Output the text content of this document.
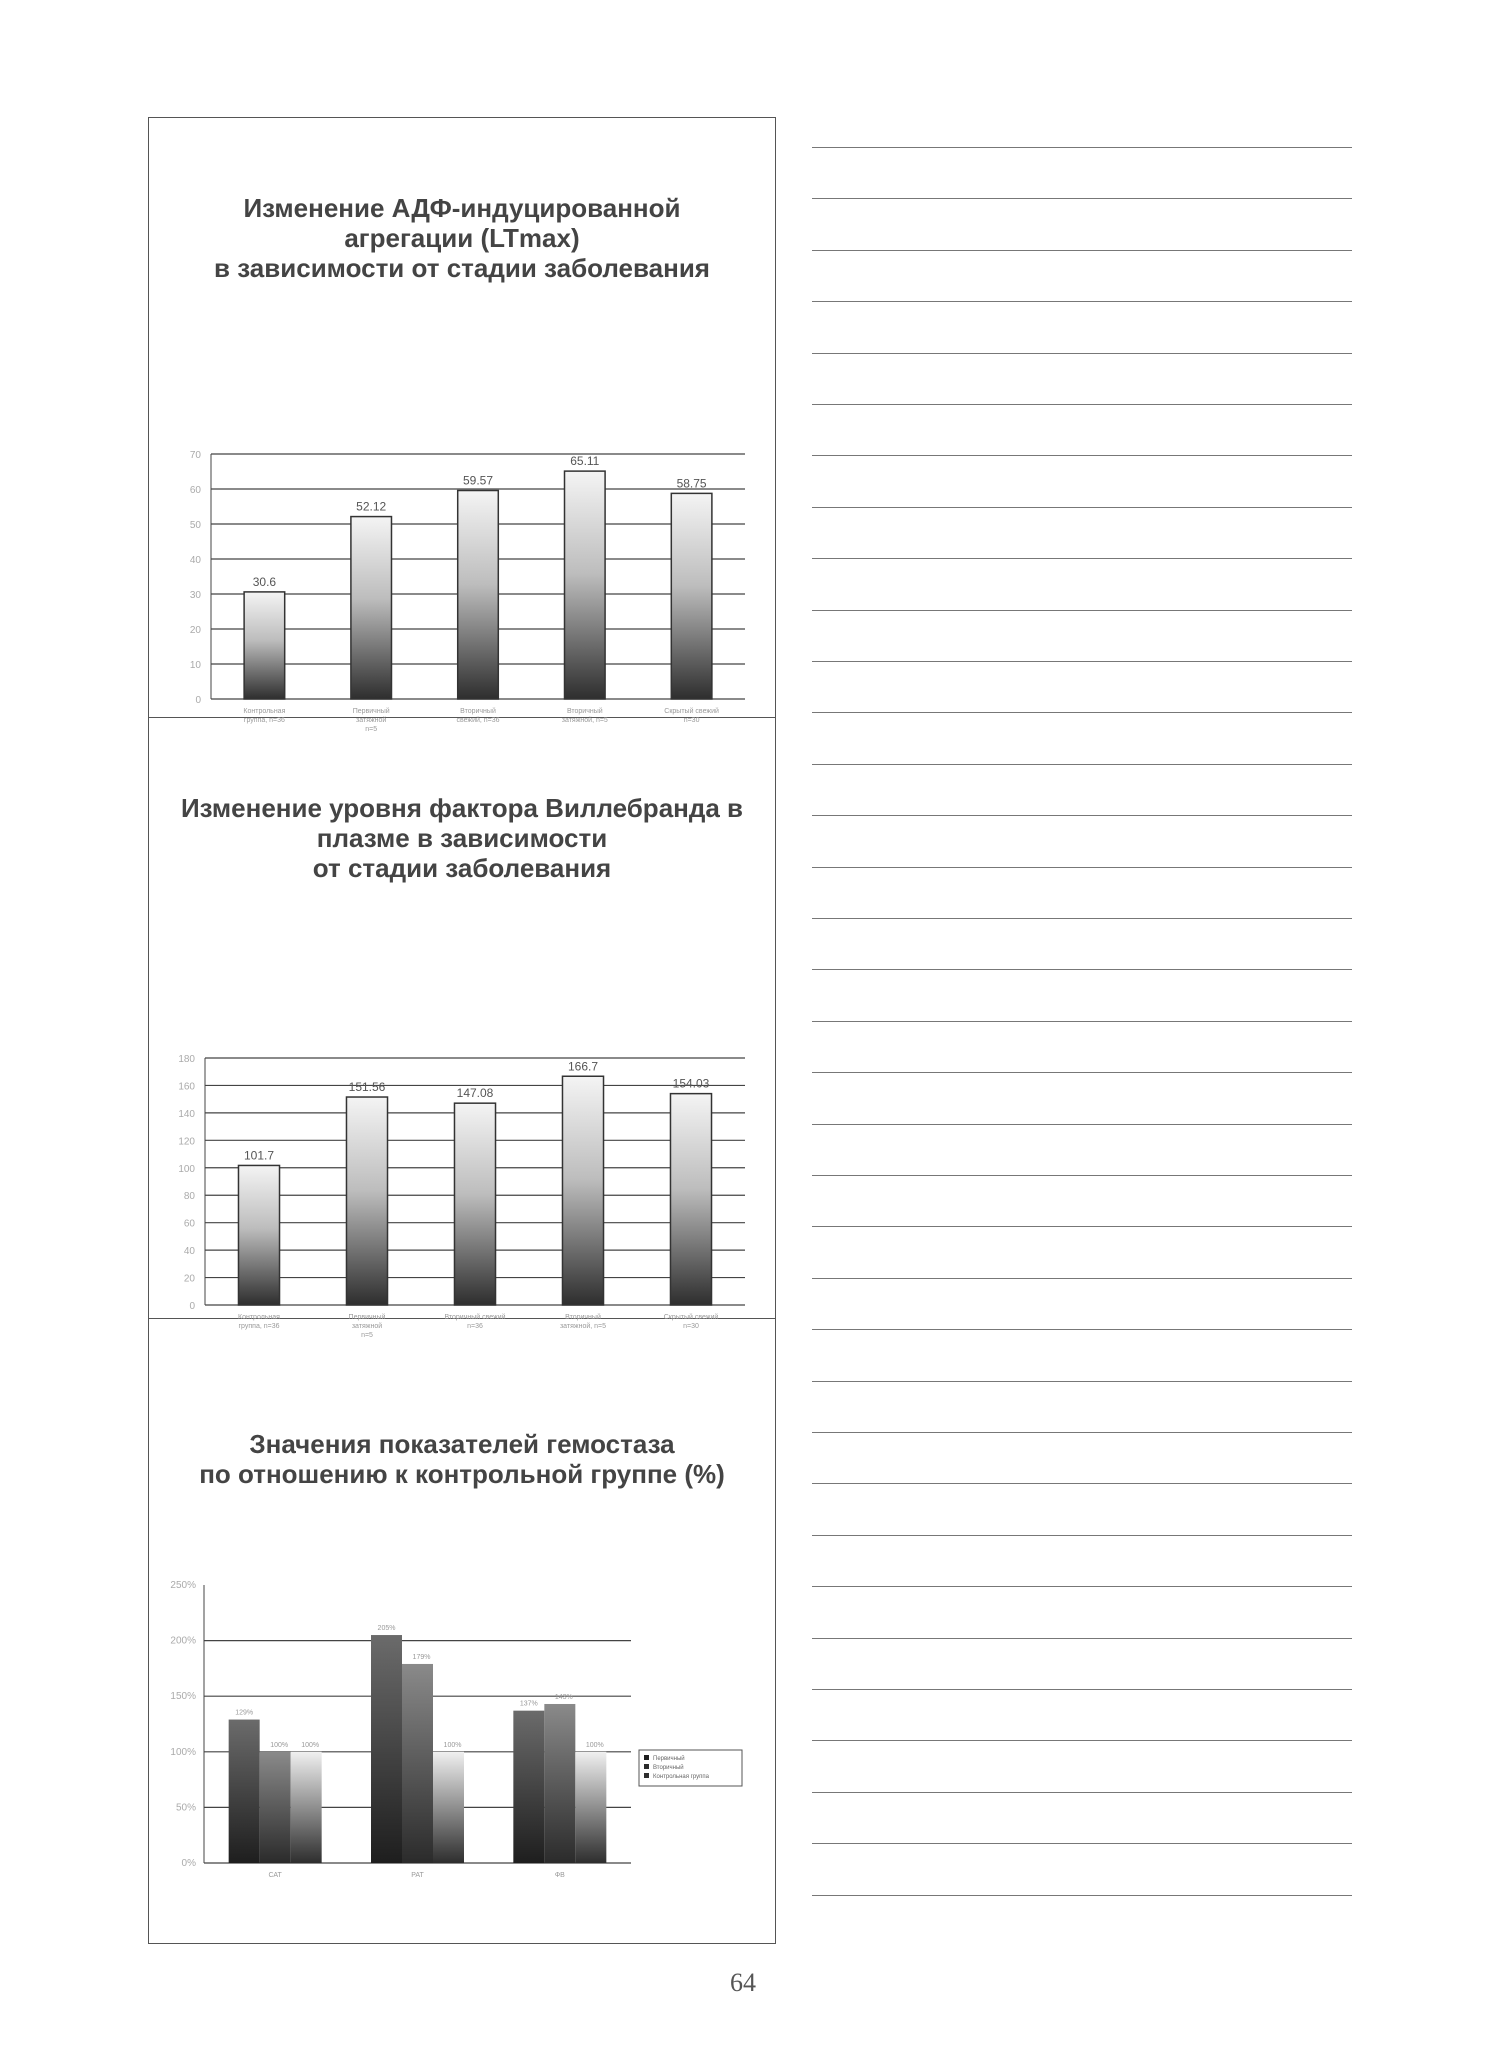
Изменение АДФ-индуцированной
агрегации (LTmax)
в зависимости от стадии заболевания

0
10
20
30
40
50
60
70
30.6
Контрольная группа, n=36
52.12
Первичный затяжной n=5
59.57
Вторичный свежий, n=36
65.11
Вторичный затяжной, n=5
58.75
Скрытый свежий n=30

Изменение уровня фактора Виллебранда в
плазме в зависимости
от стадии заболевания

0
20
40
60
80
100
120
140
160
180
101.7
Контрольная группа, n=36
151.56
Первичный затяжной n=5
147.08
Вторичный свежий n=36
166.7
Вторичный затяжной, n=5
154.03
Скрытый свежий n=30

Значения показателей гемостаза
по отношению к контрольной группе (%)

0%
50%
100%
150%
200%
250%
129%
100% 100%
САТ
205%
179%
100%
РАТ
137%
143%
100%
ФВ
Первичный
Вторичный
Контрольная группа
64
